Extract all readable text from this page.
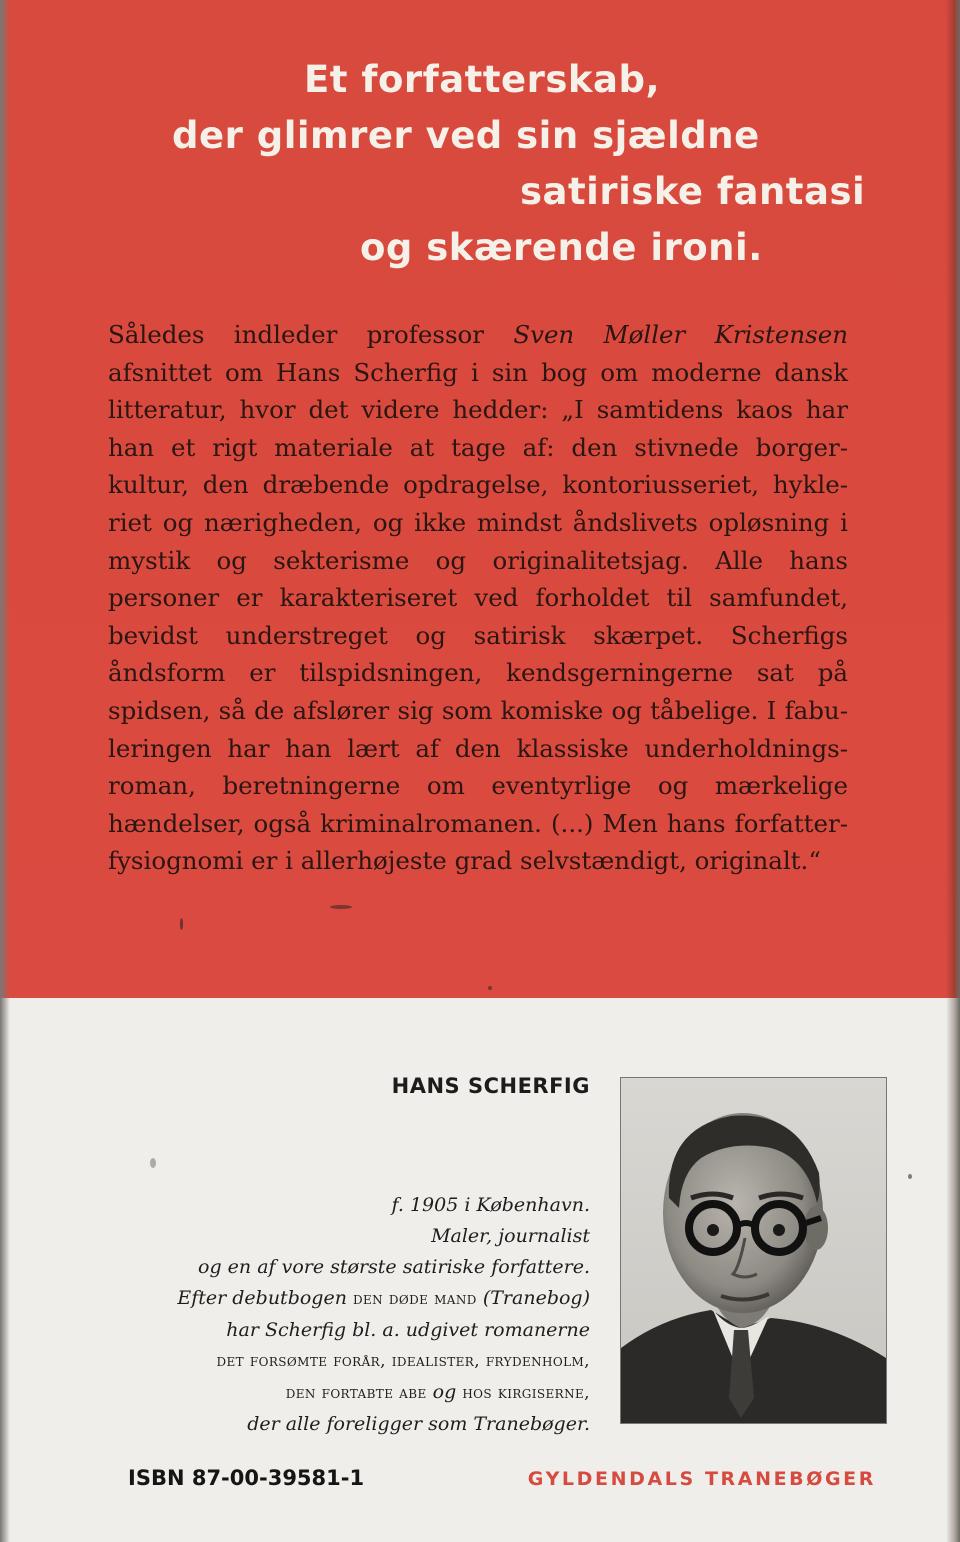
Et forfatterskab,
der glimrer ved sin sjældne
satiriske fantasi
og skærende ironi.
Således indleder professor Sven Møller Kristensen
afsnittet om Hans Scherfig i sin bog om moderne dansk
litteratur, hvor det videre hedder: „I samtidens kaos har
han et rigt materiale at tage af: den stivnede borger-
kultur, den dræbende opdragelse, kontoriusseriet, hykle-
riet og nærigheden, og ikke mindst åndslivets opløsning i
mystik og sekterisme og originalitetsjag. Alle hans
personer er karakteriseret ved forholdet til samfundet,
bevidst understreget og satirisk skærpet. Scherfigs
åndsform er tilspidsningen, kendsgerningerne sat på
spidsen, så de afslører sig som komiske og tåbelige. I fabu-
leringen har han lært af den klassiske underholdnings-
roman, beretningerne om eventyrlige og mærkelige
hændelser, også kriminalromanen. (...) Men hans forfatter-
fysiognomi er i allerhøjeste grad selvstændigt, originalt.“
HANS SCHERFIG
f. 1905 i København.
Maler, journalist
og en af vore største satiriske forfattere.
Efter debutbogen den døde mand (Tranebog)
har Scherfig bl. a. udgivet romanerne
det forsømte forår, idealister, frydenholm,
den fortabte abe og hos kirgiserne,
der alle foreligger som Tranebøger.
ISBN 87-00-39581-1	GYLDENDALS TRANEBØGER
